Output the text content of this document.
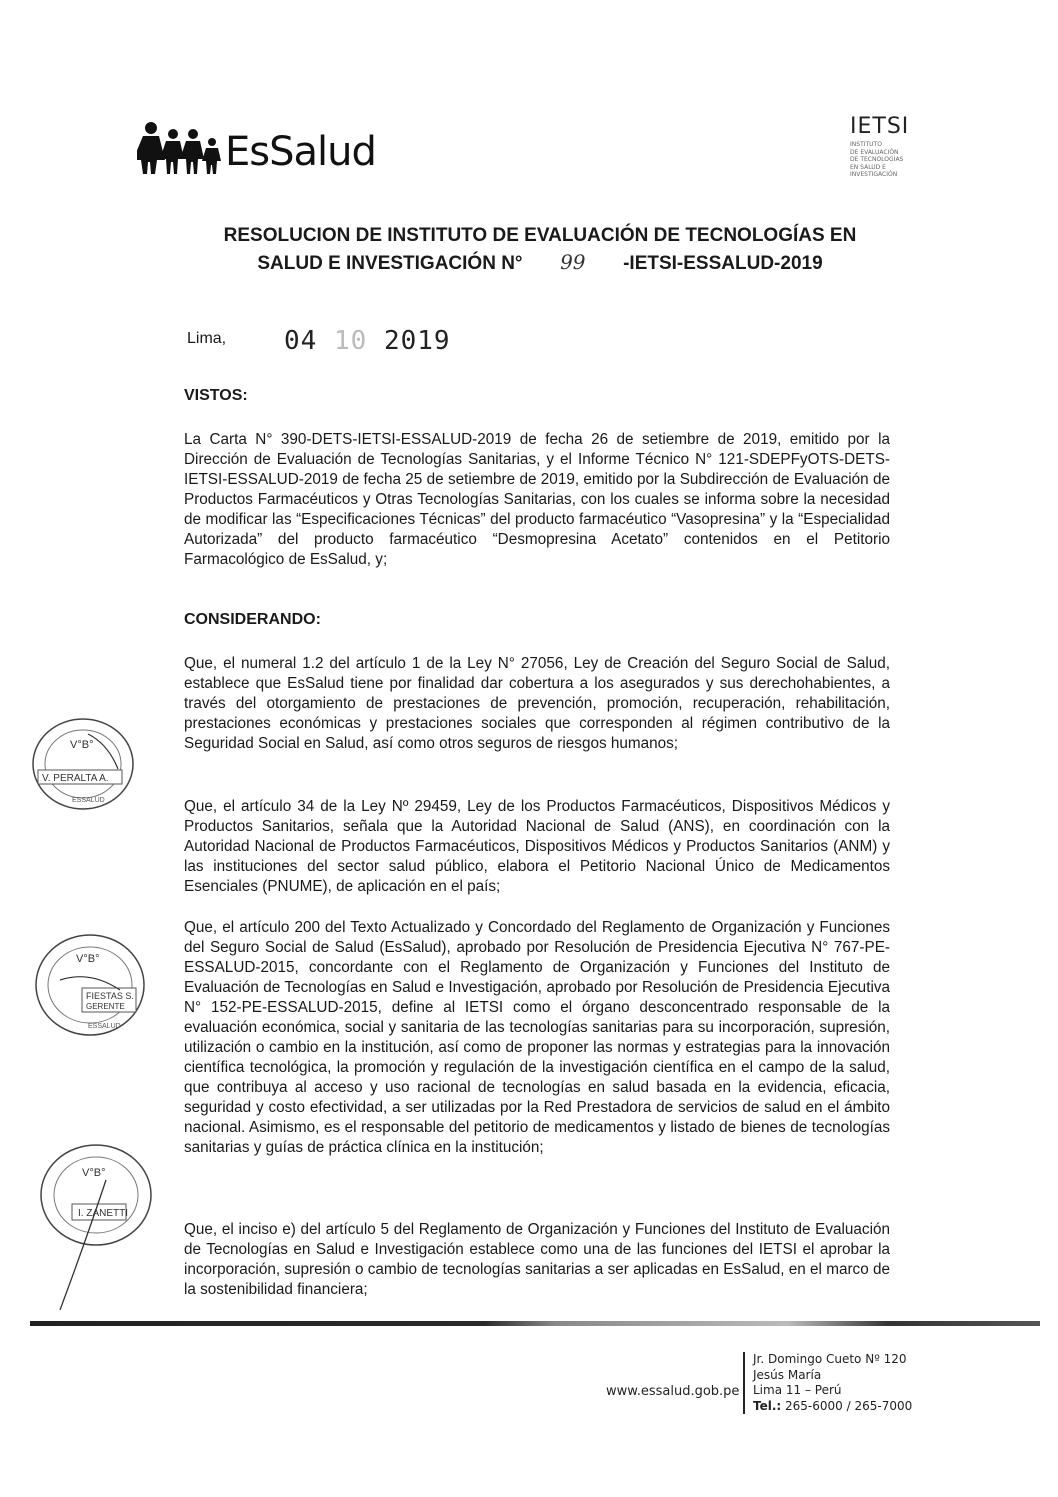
EsSalud
IETSI
INSTITUTO
DE EVALUACIÓN
DE TECNOLOGÍAS
EN SALUD E
INVESTIGACIÓN
RESOLUCION DE INSTITUTO DE EVALUACIÓN DE TECNOLOGÍAS EN
SALUD E INVESTIGACIÓN N° 99 -IETSI-ESSALUD-2019
Lima, 04 10 2019
VISTOS:
La Carta N° 390-DETS-IETSI-ESSALUD-2019 de fecha 26 de setiembre de 2019, emitido por la Dirección de Evaluación de Tecnologías Sanitarias, y el Informe Técnico N° 121-SDEPFyOTS-DETS-IETSI-ESSALUD-2019 de fecha 25 de setiembre de 2019, emitido por la Subdirección de Evaluación de Productos Farmacéuticos y Otras Tecnologías Sanitarias, con los cuales se informa sobre la necesidad de modificar las “Especificaciones Técnicas” del producto farmacéutico “Vasopresina” y la “Especialidad Autorizada” del producto farmacéutico “Desmopresina Acetato” contenidos en el Petitorio Farmacológico de EsSalud, y;
CONSIDERANDO:
Que, el numeral 1.2 del artículo 1 de la Ley N° 27056, Ley de Creación del Seguro Social de Salud, establece que EsSalud tiene por finalidad dar cobertura a los asegurados y sus derechohabientes, a través del otorgamiento de prestaciones de prevención, promoción, recuperación, rehabilitación, prestaciones económicas y prestaciones sociales que corresponden al régimen contributivo de la Seguridad Social en Salud, así como otros seguros de riesgos humanos;
Que, el artículo 34 de la Ley Nº 29459, Ley de los Productos Farmacéuticos, Dispositivos Médicos y Productos Sanitarios, señala que la Autoridad Nacional de Salud (ANS), en coordinación con la Autoridad Nacional de Productos Farmacéuticos, Dispositivos Médicos y Productos Sanitarios (ANM) y las instituciones del sector salud público, elabora el Petitorio Nacional Único de Medicamentos Esenciales (PNUME), de aplicación en el país;
Que, el artículo 200 del Texto Actualizado y Concordado del Reglamento de Organización y Funciones del Seguro Social de Salud (EsSalud), aprobado por Resolución de Presidencia Ejecutiva N° 767-PE-ESSALUD-2015, concordante con el Reglamento de Organización y Funciones del Instituto de Evaluación de Tecnologías en Salud e Investigación, aprobado por Resolución de Presidencia Ejecutiva N° 152-PE-ESSALUD-2015, define al IETSI como el órgano desconcentrado responsable de la evaluación económica, social y sanitaria de las tecnologías sanitarias para su incorporación, supresión, utilización o cambio en la institución, así como de proponer las normas y estrategias para la innovación científica tecnológica, la promoción y regulación de la investigación científica en el campo de la salud, que contribuya al acceso y uso racional de tecnologías en salud basada en la evidencia, eficacia, seguridad y costo efectividad, a ser utilizadas por la Red Prestadora de servicios de salud en el ámbito nacional. Asimismo, es el responsable del petitorio de medicamentos y listado de bienes de tecnologías sanitarias y guías de práctica clínica en la institución;
Que, el inciso e) del artículo 5 del Reglamento de Organización y Funciones del Instituto de Evaluación de Tecnologías en Salud e Investigación establece como una de las funciones del IETSI el aprobar la incorporación, supresión o cambio de tecnologías sanitarias a ser aplicadas en EsSalud, en el marco de la sostenibilidad financiera;
V°B°
V. PERALTA A.
ESSALUD
V°B°
FIESTAS S.
GERENTE
ESSALUD
V°B°
I. ZANETTI
www.essalud.gob.pe
Jr. Domingo Cueto Nº 120
Jesús María
Lima 11 – Perú
Tel.: 265-6000 / 265-7000
